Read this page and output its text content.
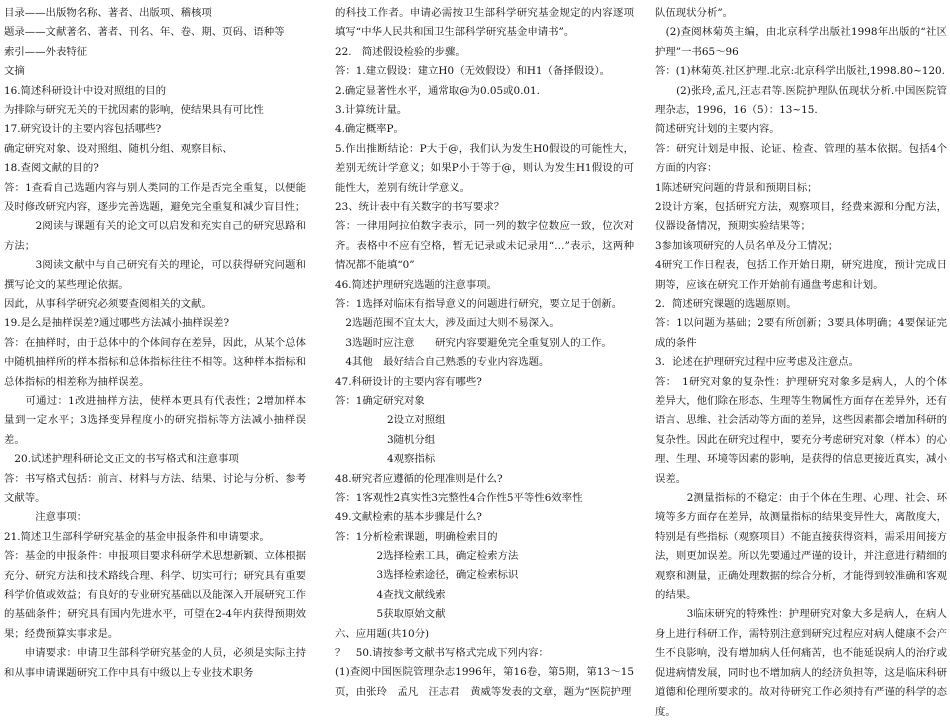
目录——出版物名称、著者、出版项、稽核项
题录——文献著名、著者、刊名、年、卷、期、页码、语种等
索引——外表特征
文摘
16.简述科研设计中设对照组的目的
为排除与研究无关的干扰因素的影响，使结果具有可比性
17.研究设计的主要内容包括哪些?
确定研究对象、设对照组、随机分组、观察目标、
18.查阅文献的目的?
答：1查看自己选题内容与别人类同的工作是否完全重复，以便能及时修改研究内容，逐步完善选题，避免完全重复和减少盲目性；
　　　2阅读与课题有关的论文可以启发和充实自己的研究思路和方法；
　　　3阅读文献中与自己研究有关的理论，可以获得研究问题和撰写论文的某些理论依据。
因此，从事科学研究必须要查阅相关的文献。
19.是么是抽样误差?通过哪些方法减小抽样误差?
答：在抽样时，由于总体中的个体间存在差异，因此，从某个总体中随机抽样所的样本指标和总体指标往往不相等。这种样本指标和总体指标的相差称为抽样误差。
　　可通过：1改进抽样方法，使样本更具有代表性；2增加样本量到一定水平；3选择变异程度小的研究指标等方法减小抽样误差。
　20.试述护理科研论文正文的书写格式和注意事项
答：书写格式包括：前言、材料与方法、结果、讨论与分析、参考文献等。
　　　注意事项：
21.简述卫生部科学研究基金的基金申报条件和申请要求。
答：基金的申报条件：申报项目要求科研学术思想新颖、立体根据充分、研究方法和技术路线合理、科学、切实可行；研究具有重要科学价值或效益；有良好的专业研究基础以及能深入开展研究工作的基础条件；研究具有国内先进水平，可望在2-4年内获得预期效果；经费预算实事求是。
　　申请要求：申请卫生部科学研究基金的人员，必须是实际主持和从事申请课题研究工作中具有中级以上专业技术职务
的科技工作者。申请必需按卫生部科学研究基金规定的内容逐项填写“中华人民共和国卫生部科学研究基金申请书”。
22.　简述假设检验的步骤。
答：1.建立假设：建立H0（无效假设）和H1（备择假设）。
2.确定显著性水平，通常取@为0.05或0.01.
3.计算统计量。
4.确定概率P。
5.作出推断结论：P大于@，我们认为发生H0假设的可能性大，差别无统计学意义；如果P小于等于@，则认为发生H1假设的可能性大，差别有统计学意义。
23、统计表中有关数字的书写要求？
答：一律用阿拉伯数字表示，同一列的数字位数应一致，位次对齐。表格中不应有空格，暂无记录或未记录用“…”表示，这两种情况都不能填“0”
46.简述护理研究选题的注意事项。
答：1选择对临床有指导意义的问题进行研究，要立足于创新。
　2选题范围不宜太大，涉及面过大则不易深入。
　3选题时应注意　　研究内容要避免完全重复别人的工作。
　4其他　最好结合自己熟悉的专业内容选题。
47.科研设计的主要内容有哪些?
答：1确定研究对象
　　　　　2设立对照组
　　　　　3随机分组
　　　　　4观察指标
48.研究者应遵循的伦理准则是什么?
答：1客观性2真实性3完整性4合作性5平等性6效率性
49.文献检索的基本步骤是什么?
答：1分析检索课题，明确检索目的
　　　　2选择检索工具，确定检索方法
　　　　3选择检索途径，确定检索标识
　　　　4查找文献线索
　　　　5获取原始文献
六、应用题(共10分)
？　50.请按参考文献书写格式完成下列内容：
(1)查阅中国医院管理杂志1996年，第16卷，第5期，第13～15页，由张玲　孟凡　汪志君　黄威等发表的文章，题为“医院护理
队伍现状分析”。
　(2)查阅林菊英主编，由北京科学出版社1998年出版的“社区护理”一书65～96
答：(1)林菊英.社区护理.北京:北京科学出版社,1998.80~120.
　　(2)张玲,孟凡,汪志君等.医院护理队伍现状分析.中国医院管理杂志，1996，16（5）：13~15.
简述研究计划的主要内容。
答：研究计划是申报、论证、检查、管理的基本依据。包括4个方面的内容：
1陈述研究问题的背景和预期目标；
2设计方案，包括研究方法，观察项目，经费来源和分配方法，仪器设备情况，预期实验结果等；
3参加该项研究的人员名单及分工情况；
4研究工作日程表，包括工作开始日期，研究进度，预计完成日期等，应该在研究工作开始前有通盘考虑和计划。
2．简述研究课题的选题原则。
答：1以问题为基础；2要有所创新；3要具体明确；4要保证完成的条件
3．论述在护理研究过程中应考虑及注意点。
答：　1研究对象的复杂性：护理研究对象多是病人，人的个体差异大，他们除在形态、生理等生物属性方面存在差异外，还有语言、思维、社会活动等方面的差异，这些因素都会增加科研的复杂性。因此在研究过程中，要充分考虑研究对象（样本）的心理、生理、环境等因素的影响，是获得的信息更接近真实，减小误差。
　　　2测量指标的不稳定：由于个体在生理、心理、社会、环境等多方面存在差异，故测量指标的结果变异性大，离散度大，特别是有些指标（观察项目）不能直接获得资料，需采用间接方法，则更加误差。所以先要通过严谨的设计，并注意进行精细的观察和测量，正确处理数据的综合分析，才能得到较准确和客观的结果。
　　　3临床研究的特殊性：护理研究对象大多是病人，在病人身上进行科研工作，需特别注意到研究过程应对病人健康不会产生不良影响，没有增加病人任何痛苦，也不能延误病人的治疗或促进病情发展，同时也不增加病人的经济负担等，这是临床科研道德和伦理所要求的。故对待研究工作必须持有严谨的科学的态度。
